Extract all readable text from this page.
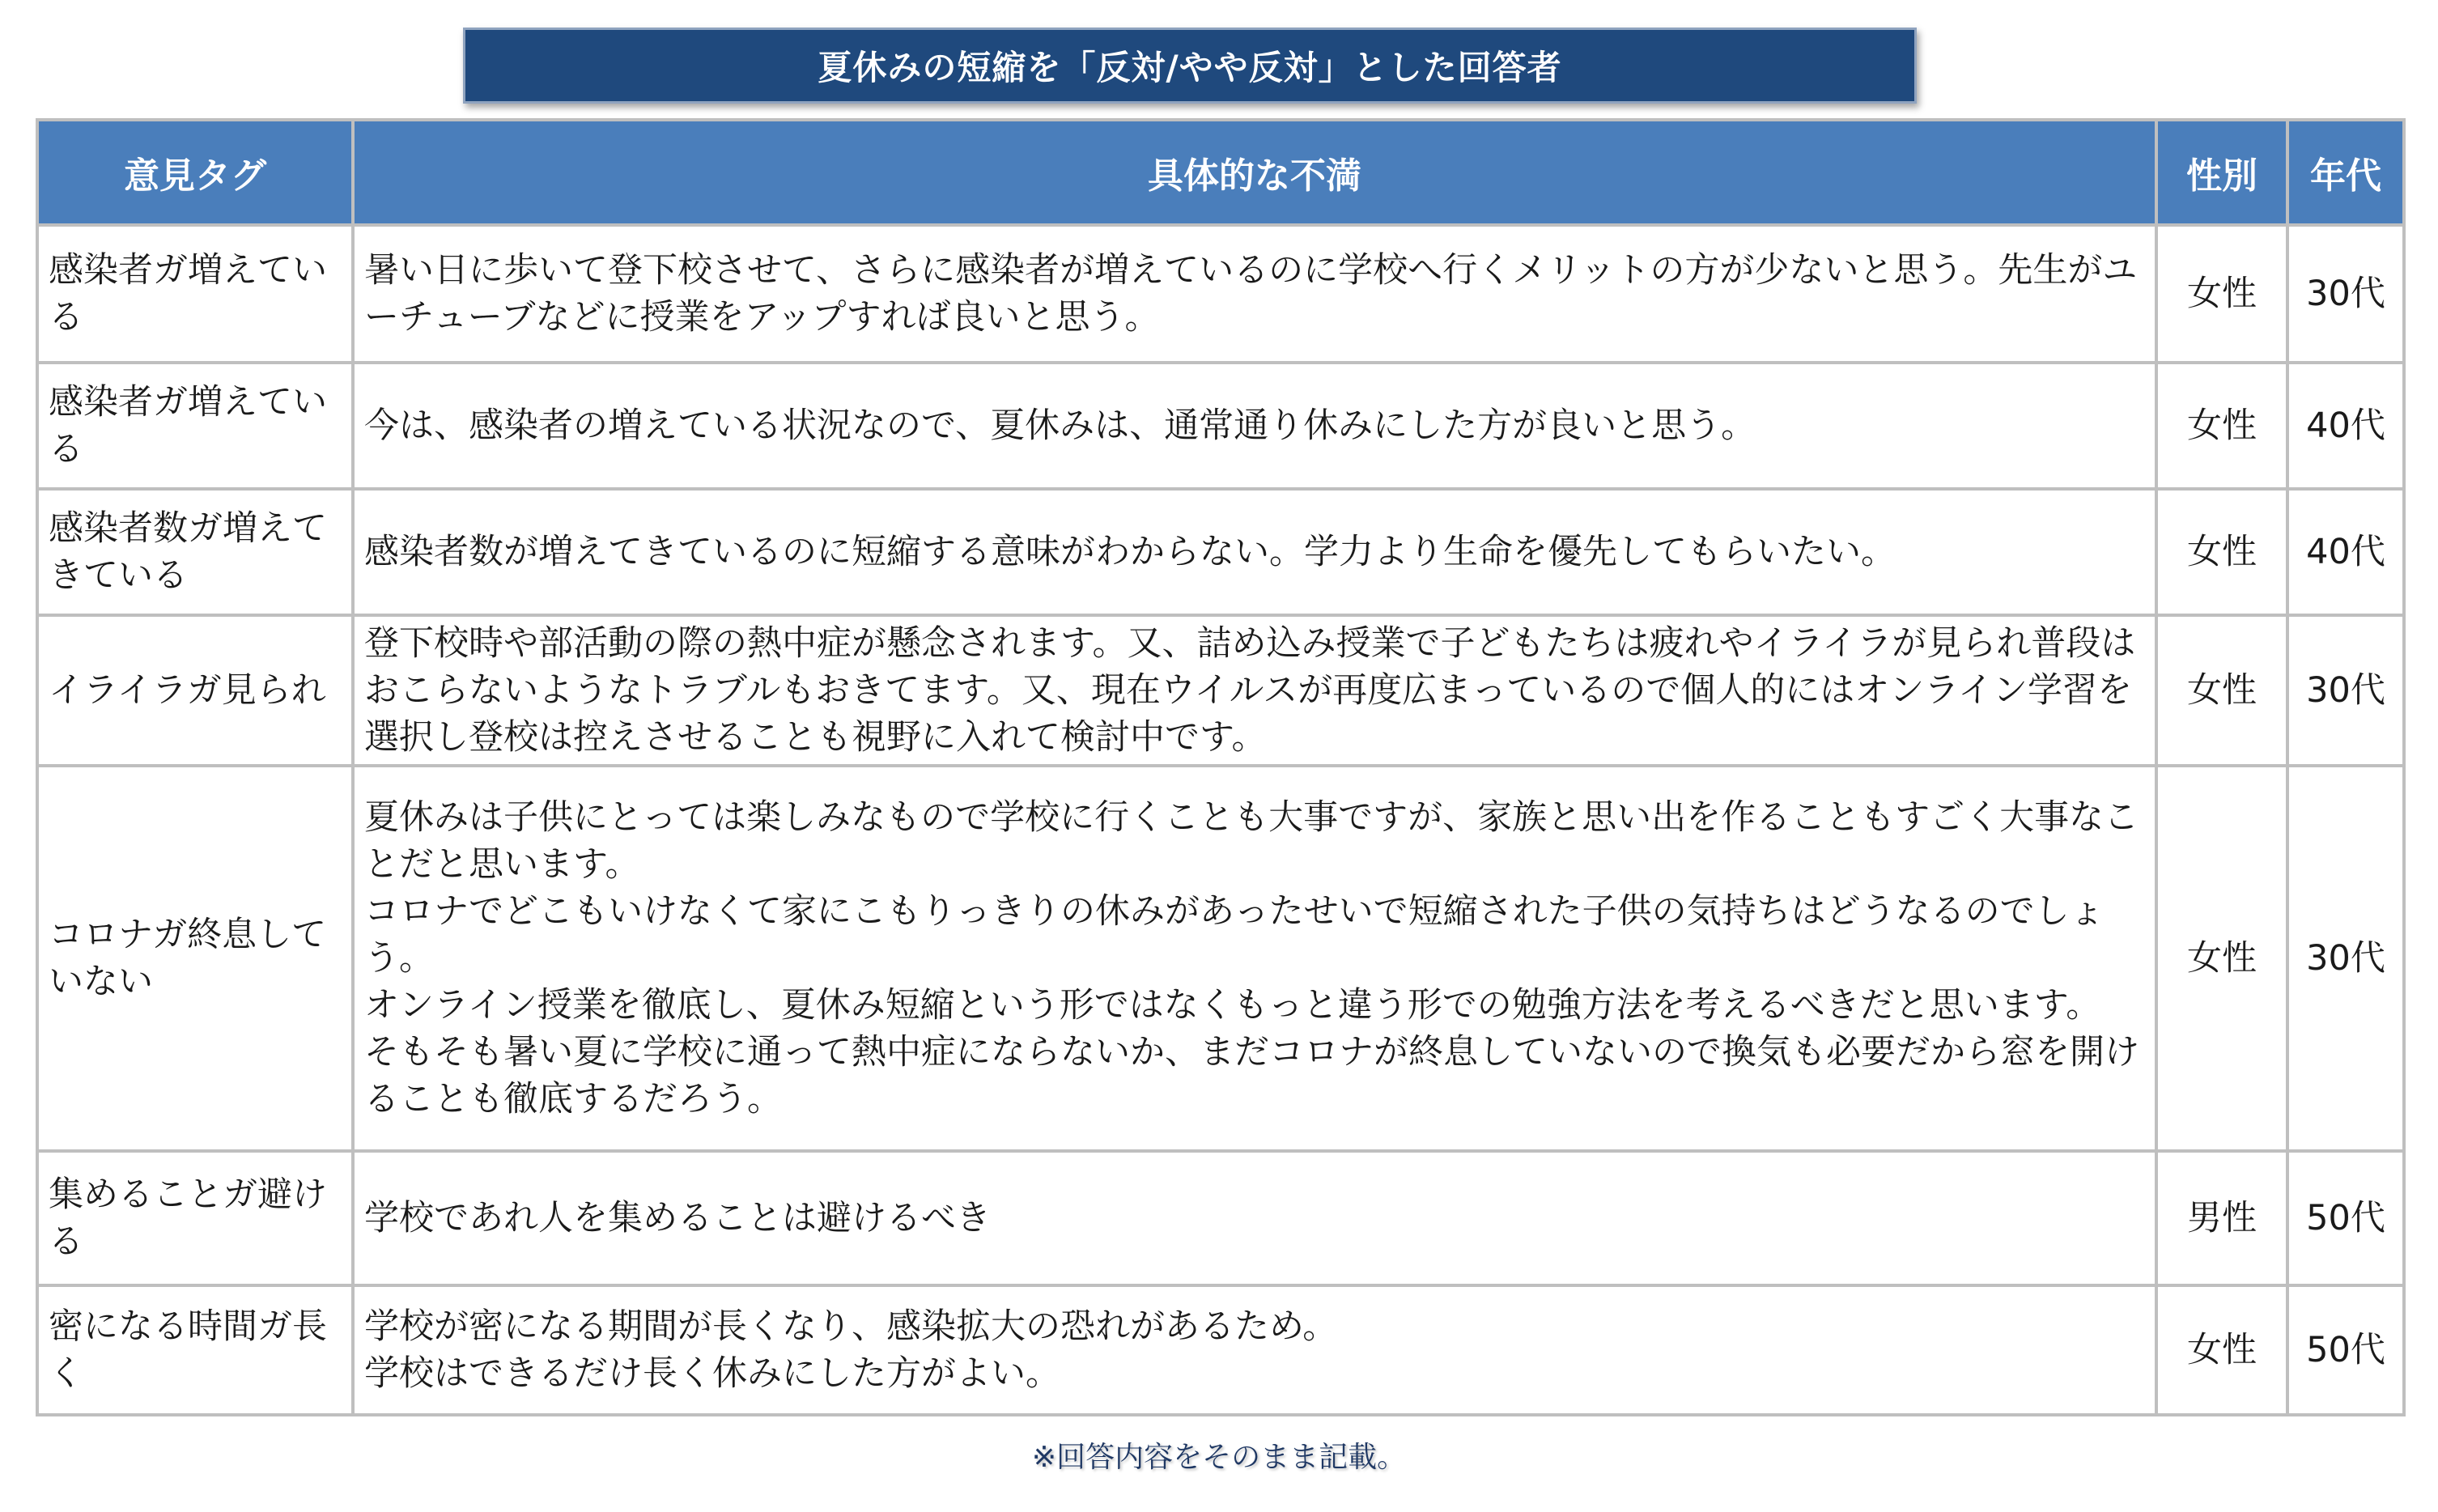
夏休みの短縮を「反対/やや反対」とした回答者
意見タグ	具体的な不満	性別	年代
感染者ガ増えている	暑い日に歩いて登下校させて、さらに感染者が増えているのに学校へ行くメリットの方が少ないと思う。先生がユーチューブなどに授業をアップすれば良いと思う。	女性	30代
感染者ガ増えている	今は、感染者の増えている状況なので、夏休みは、通常通り休みにした方が良いと思う。	女性	40代
感染者数ガ増えてきている	感染者数が増えてきているのに短縮する意味がわからない。学力より生命を優先してもらいたい。	女性	40代
イライラガ見られ	登下校時や部活動の際の熱中症が懸念されます。又、詰め込み授業で子どもたちは疲れやイライラが見られ普段はおこらないようなトラブルもおきてます。又、現在ウイルスが再度広まっているので個人的にはオンライン学習を選択し登校は控えさせることも視野に入れて検討中です。	女性	30代
コロナガ終息していない	夏休みは子供にとっては楽しみなもので学校に行くことも大事ですが、家族と思い出を作ることもすごく大事なことだと思います。
コロナでどこもいけなくて家にこもりっきりの休みがあったせいで短縮された子供の気持ちはどうなるのでしょう。
オンライン授業を徹底し、夏休み短縮という形ではなくもっと違う形での勉強方法を考えるべきだと思います。
そもそも暑い夏に学校に通って熱中症にならないか、まだコロナが終息していないので換気も必要だから窓を開けることも徹底するだろう。	女性	30代
集めることガ避ける	学校であれ人を集めることは避けるべき	男性	50代
密になる時間ガ長く	学校が密になる期間が長くなり、感染拡大の恐れがあるため。
学校はできるだけ長く休みにした方がよい。	女性	50代
※回答内容をそのまま記載。
